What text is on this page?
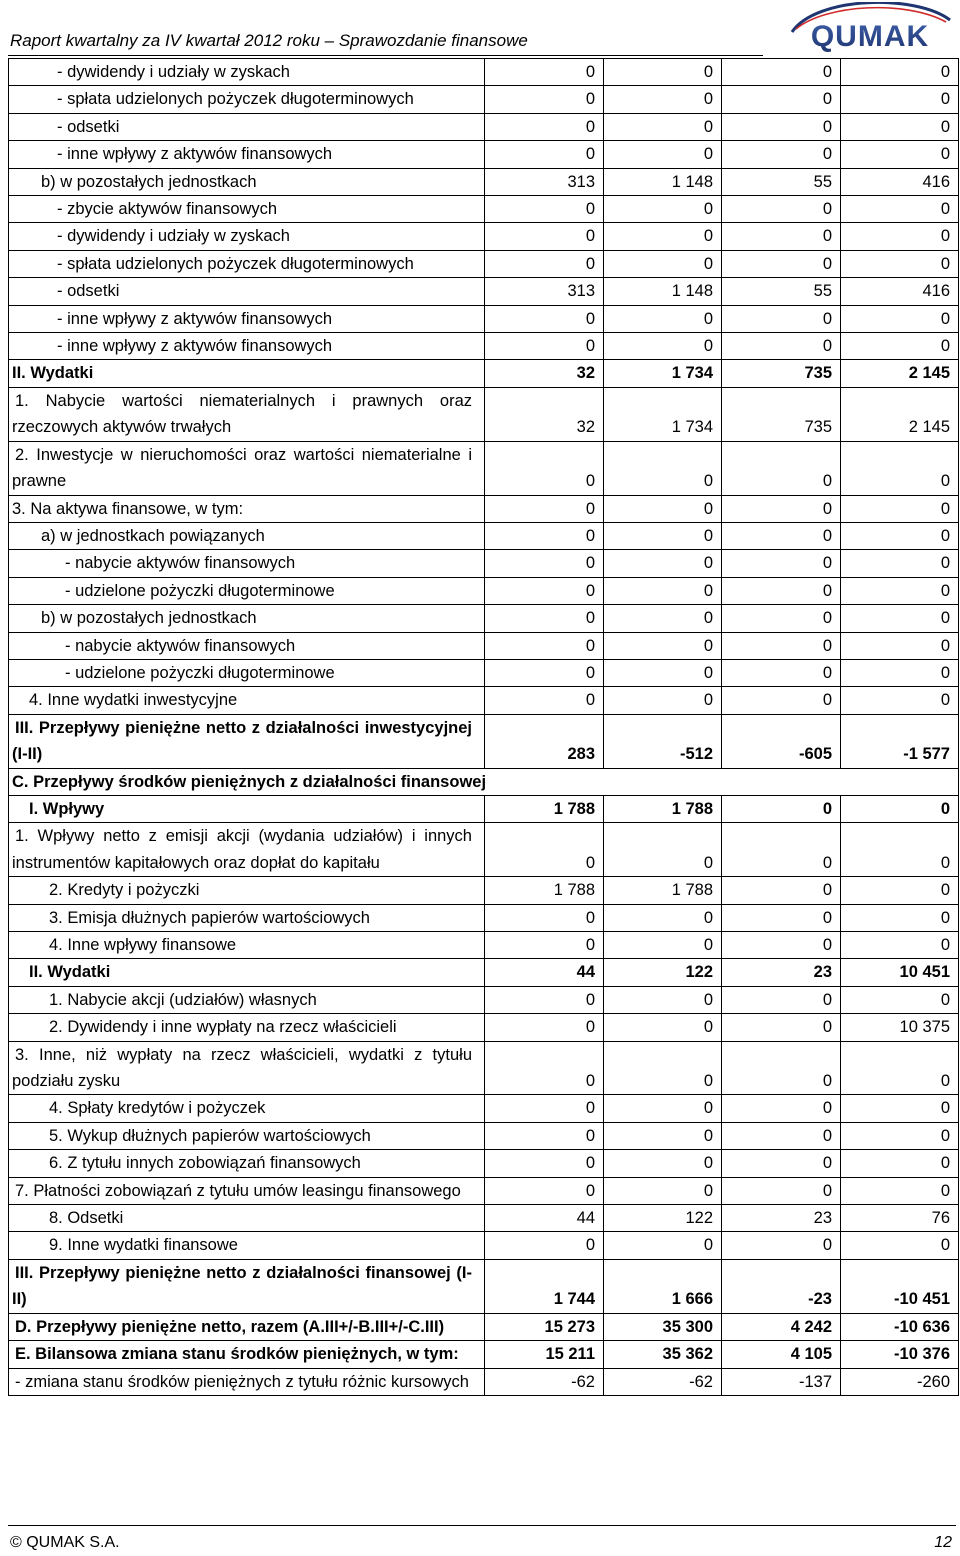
Raport kwartalny za IV kwartał 2012 roku – Sprawozdanie finansowe	QUMAK
- dywidendy i udziały w zyskach	0	0	0	0
- spłata udzielonych pożyczek długoterminowych	0	0	0	0
- odsetki	0	0	0	0
- inne wpływy z aktywów finansowych	0	0	0	0
b) w pozostałych jednostkach	313	1 148	55	416
- zbycie aktywów finansowych	0	0	0	0
- dywidendy i udziały w zyskach	0	0	0	0
- spłata udzielonych pożyczek długoterminowych	0	0	0	0
- odsetki	313	1 148	55	416
- inne wpływy z aktywów finansowych	0	0	0	0
- inne wpływy z aktywów finansowych	0	0	0	0
II. Wydatki	32	1 734	735	2 145
1. Nabycie wartości niematerialnych i prawnych oraz rzeczowych aktywów trwałych	32	1 734	735	2 145
2. Inwestycje w nieruchomości oraz wartości niematerialne i prawne	0	0	0	0
3. Na aktywa finansowe, w tym:	0	0	0	0
a) w jednostkach powiązanych	0	0	0	0
- nabycie aktywów finansowych	0	0	0	0
- udzielone pożyczki długoterminowe	0	0	0	0
b) w pozostałych jednostkach	0	0	0	0
- nabycie aktywów finansowych	0	0	0	0
- udzielone pożyczki długoterminowe	0	0	0	0
4. Inne wydatki inwestycyjne	0	0	0	0
III. Przepływy pieniężne netto z działalności inwestycyjnej (I-II)	283	-512	-605	-1 577
C. Przepływy środków pieniężnych z działalności finansowej				
I. Wpływy	1 788	1 788	0	0
1. Wpływy netto z emisji akcji (wydania udziałów) i innych instrumentów kapitałowych oraz dopłat do kapitału	0	0	0	0
2. Kredyty i pożyczki	1 788	1 788	0	0
3. Emisja dłużnych papierów wartościowych	0	0	0	0
4. Inne wpływy finansowe	0	0	0	0
II. Wydatki	44	122	23	10 451
1. Nabycie akcji (udziałów) własnych	0	0	0	0
2. Dywidendy i inne wypłaty na rzecz właścicieli	0	0	0	10 375
3. Inne, niż wypłaty na rzecz właścicieli, wydatki z tytułu podziału zysku	0	0	0	0
4. Spłaty kredytów i pożyczek	0	0	0	0
5. Wykup dłużnych papierów wartościowych	0	0	0	0
6. Z tytułu innych zobowiązań finansowych	0	0	0	0
7. Płatności zobowiązań z tytułu umów leasingu finansowego	0	0	0	0
8. Odsetki	44	122	23	76
9. Inne wydatki finansowe	0	0	0	0
III. Przepływy pieniężne netto z działalności finansowej (I-II)	1 744	1 666	-23	-10 451
D. Przepływy pieniężne netto, razem (A.III+/-B.III+/-C.III)	15 273	35 300	4 242	-10 636
E. Bilansowa zmiana stanu środków pieniężnych, w tym:	15 211	35 362	4 105	-10 376
- zmiana stanu środków pieniężnych z tytułu różnic kursowych	-62	-62	-137	-260
© QUMAK S.A.	12
